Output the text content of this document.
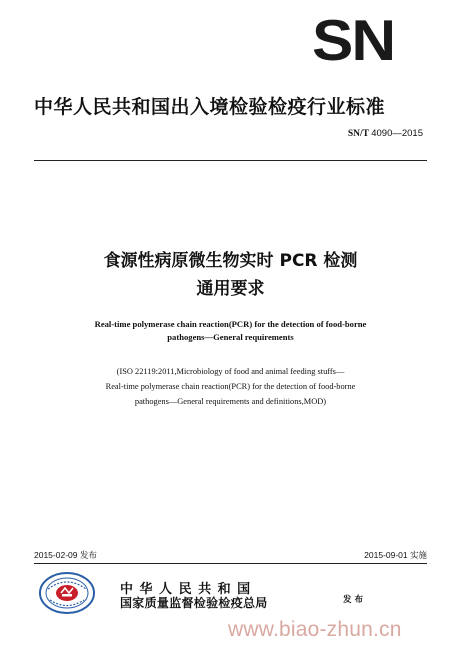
SN
中华人民共和国出入境检验检疫行业标准
SN/T 4090—2015
食源性病原微生物实时 PCR 检测
通用要求
Real-time polymerase chain reaction(PCR) for the detection of food-borne
pathogens—General requirements
(ISO 22119:2011,Microbiology of food and animal feeding stuffs—
Real-time polymerase chain reaction(PCR) for the detection of food-borne
pathogens—General requirements and definitions,MOD)
2015-02-09 发布	2015-09-01 实施
中 华 人 民 共 和 国
国家质量监督检验检疫总局	发 布
www.biao-zhun.cn
